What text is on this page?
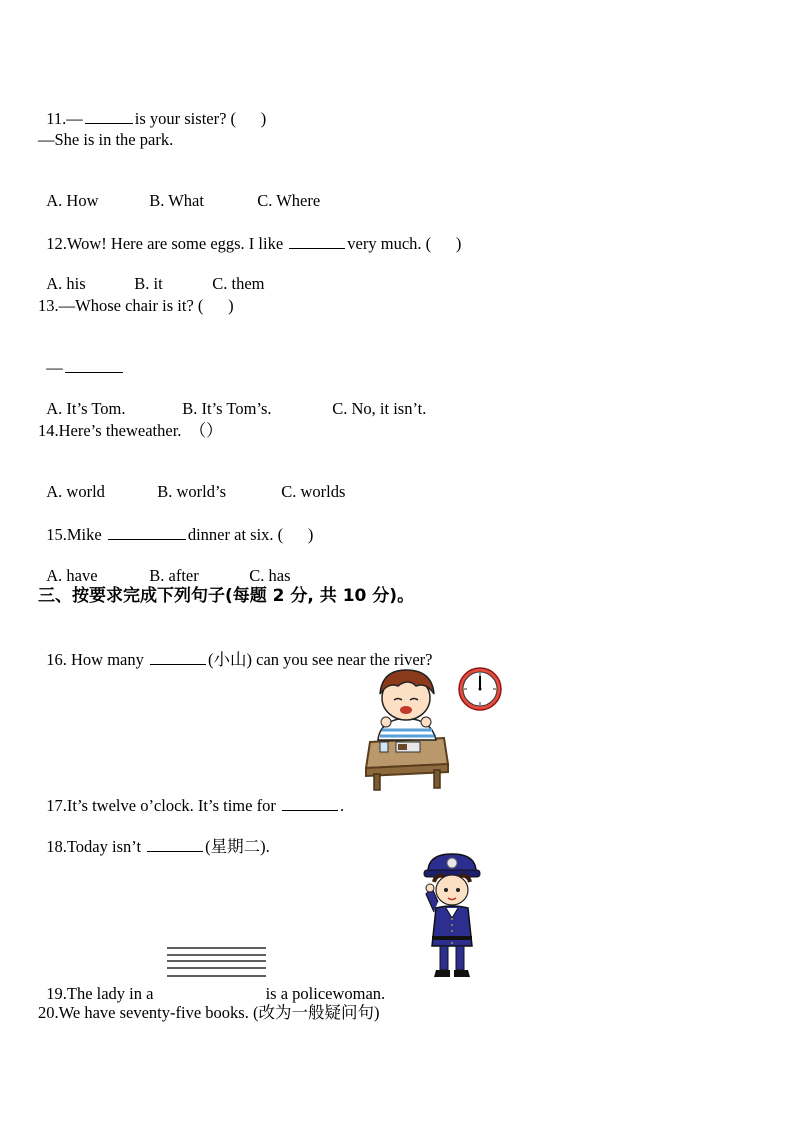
11.—	is your sister? (      )

—She is in the park.

A. How	B. What	C. Where

12.Wow! Here are some eggs. I like	very much. (      )

A. his	B. it	C. them

13.—Whose chair is it? (      )

—

A. It’s Tom.	B. It’s Tom’s.	C. No, it isn’t.

14.Here’s theweather.  （）

A. world	B. world’s	C. worlds

15.Mike	dinner at six. (      )

A. have	B. after	C. has

三、按要求完成下列句子(每题 2 分, 共 10 分)。

16. How many	(小山) can you see near the river?

17.It’s twelve o’clock. It’s time for	.

18.Today isn’t	(星期二).

19.The lady in a	is a policewoman.

20.We have seventy-five books. (改为一般疑问句)
